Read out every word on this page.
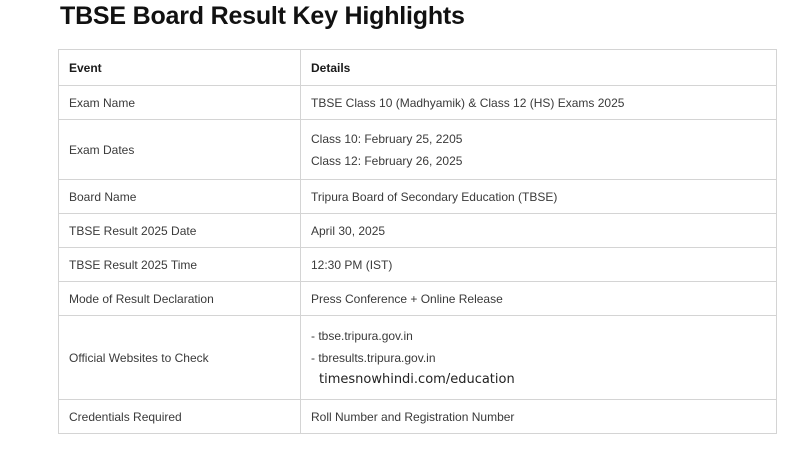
TBSE Board Result Key Highlights
Event	Details
Exam Name	TBSE Class 10 (Madhyamik) & Class 12 (HS) Exams 2025
Exam Dates	Class 10: February 25, 2205
Class 12: February 26, 2025

Board Name	Tripura Board of Secondary Education (TBSE)
TBSE Result 2025 Date	April 30, 2025
TBSE Result 2025 Time	12:30 PM (IST)
Mode of Result Declaration	Press Conference + Online Release
Official Websites to Check	- tbse.tripura.gov.in
- tbresults.tripura.gov.in
timesnowhindi.com/education

Credentials Required	Roll Number and Registration Number
